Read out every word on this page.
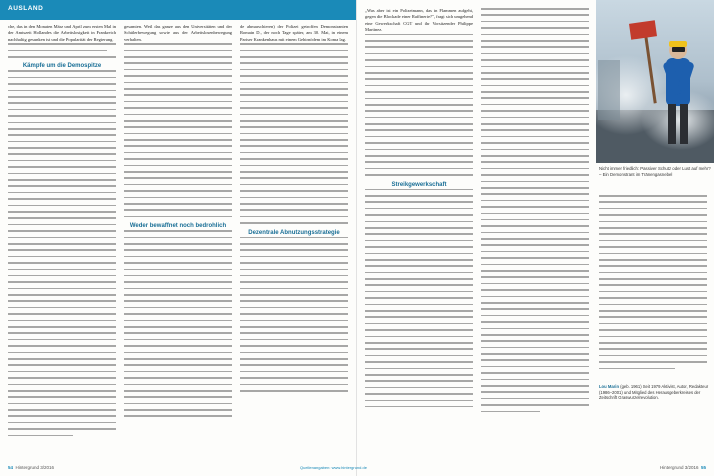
AUSLAND

che, das in den Monaten März und April zum ersten Mal in der Amtszeit Hollandes die Arbeitslosigkeit in Frankreich nachhaltig gesunken ist und die Popularität der Regierung.

Kämpfe um die Demospitze

gesamten. Weil das ganze aus den Universitäten und der Schülerbewegung sowie aus der Arbeitslosenbewegung verhalten.

Weder bewaffnet noch bedrohlich

de abmarschieren) der Polizei getroffen Demonstranten Romain D., der noch Tage später, am 30. Mai, in einem Pariser Krankenhaus mit einem Gehirnödem im Koma lag.

Dezentrale Abnutzungsstrategie

54 Hintergrund 3/2016

„Was aber ist ein Polizeimann, das in Flammen aufgeht, gegen die Blockade einer Raffinerie?", fragt sich umgehend eine Gewerkschaft CGT und ihr Vorsitzender Philippe Martinez.

Streikgewerkschaft

Nicht immer friedlich: Passiver Schutz oder Lust auf mehr? – Ein Demonstrant im Tränengasnebel
Lou Marin (geb. 1961) Seit 1979 Aktivist, Autor, Redakteur (1986–2001) und Mitglied des Herausgeberkreises der Zeitschrift Graswurzelrevolution.
Hintergrund 3/2016 55
Quellenangaben: www.hintergrund.de
